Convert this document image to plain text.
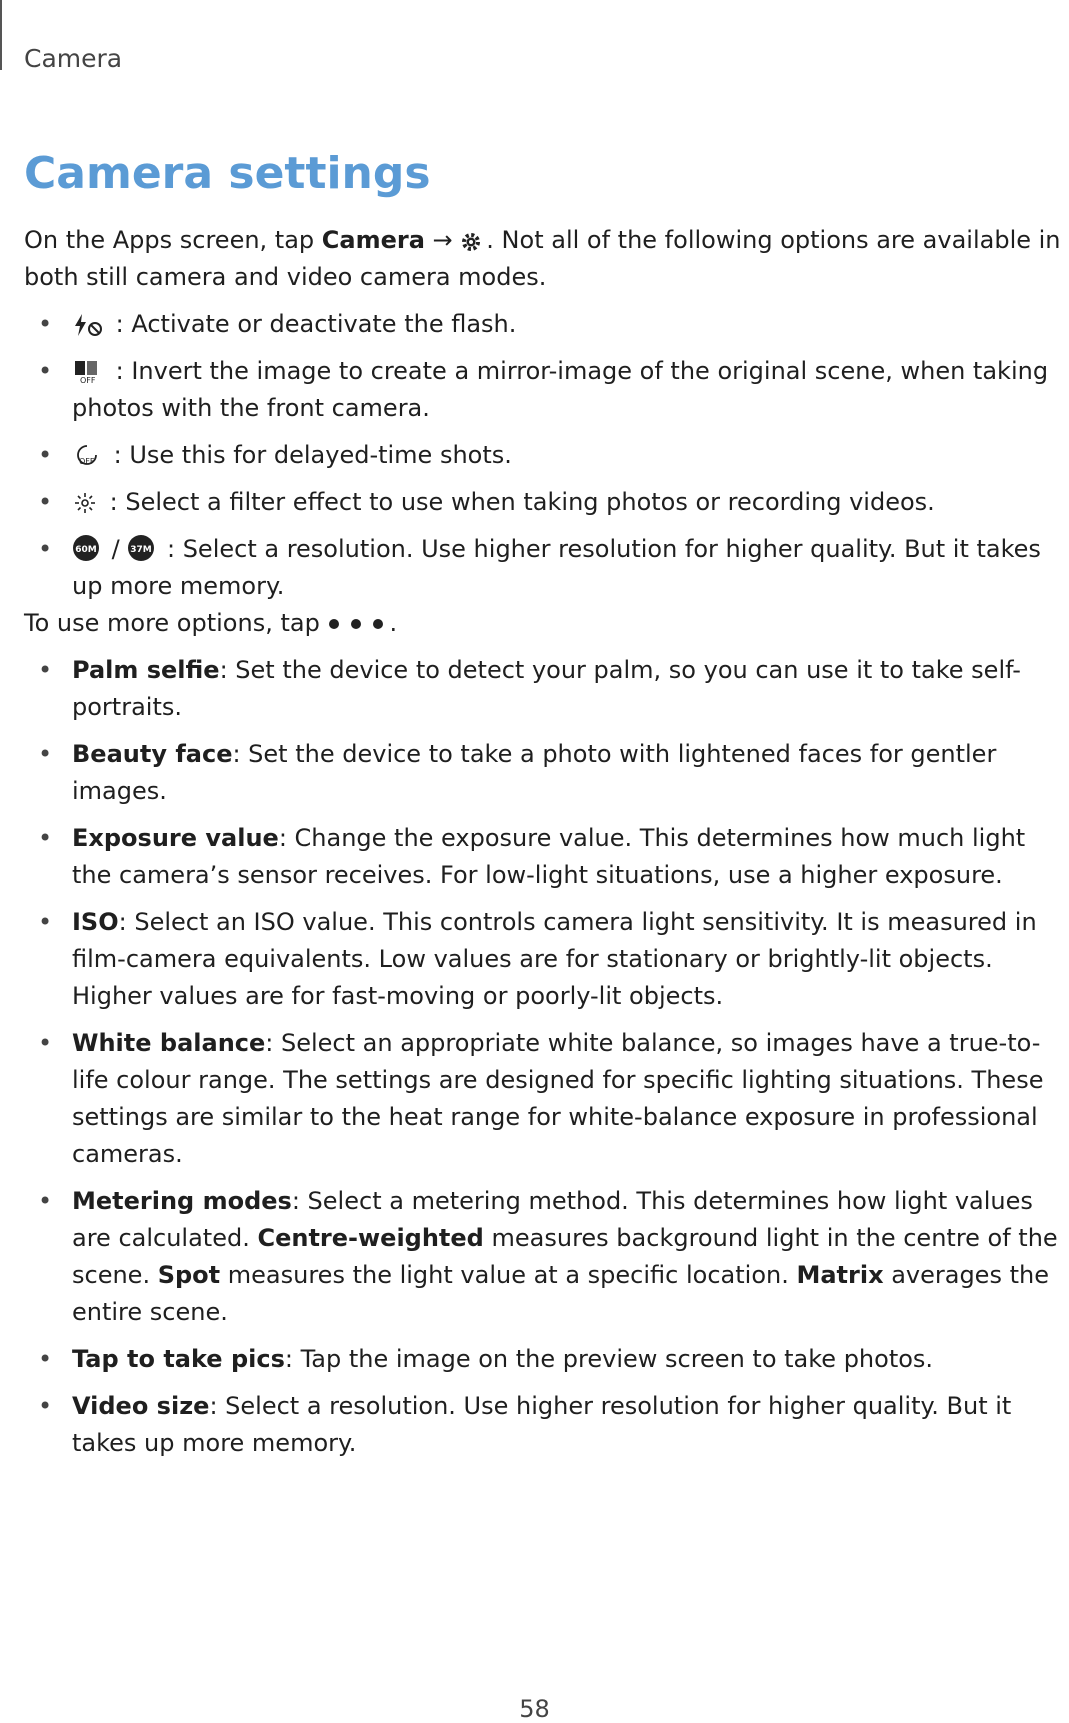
Camera
Camera settings

On the Apps screen, tap Camera → . Not all of the following options are available in both still camera and video camera modes.

• : Activate or deactivate the flash.
•	OFF : Invert the image to create a mirror-image of the original scene, when taking photos with the front camera.
•	OFF : Use this for delayed-time shots.
• : Select a filter effect to use when taking photos or recording videos.
•	60M / 37M : Select a resolution. Use higher resolution for higher quality. But it takes up more memory.

To use more options, tap	.

• Palm selfie: Set the device to detect your palm, so you can use it to take self-portraits.
• Beauty face: Set the device to take a photo with lightened faces for gentler images.
• Exposure value: Change the exposure value. This determines how much light the camera’s sensor receives. For low-light situations, use a higher exposure.
• ISO: Select an ISO value. This controls camera light sensitivity. It is measured in film-camera equivalents. Low values are for stationary or brightly-lit objects. Higher values are for fast-moving or poorly-lit objects.
• White balance: Select an appropriate white balance, so images have a true-to-life colour range. The settings are designed for specific lighting situations. These settings are similar to the heat range for white-balance exposure in professional cameras.
• Metering modes: Select a metering method. This determines how light values are calculated. Centre-weighted measures background light in the centre of the scene. Spot measures the light value at a specific location. Matrix averages the entire scene.
• Tap to take pics: Tap the image on the preview screen to take photos.
• Video size: Select a resolution. Use higher resolution for higher quality. But it takes up more memory.
58
